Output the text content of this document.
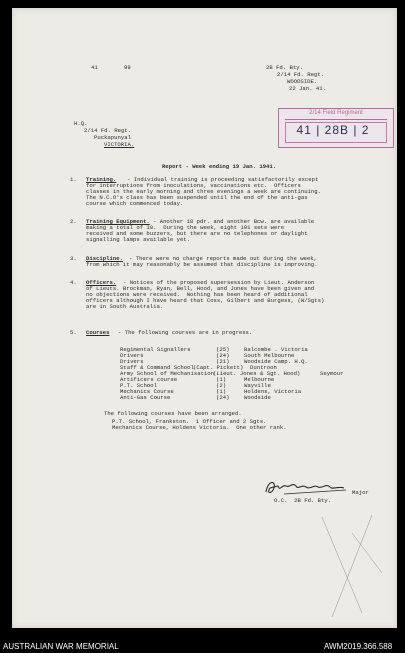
41	99	2B Fd. Bty.
2/14 Fd. Regt.
WOODSIDE.
22 Jan. 41.
2/14 Field Regiment
41 | 28B | 2
H.Q.
2/14 Fd. Regt.
Puckapunyal
VICTORIA.
Report - Week ending 19 Jan. 1941.
1. Training. - Individual training is proceeding satisfactorily except
for interruptions from inoculations, vaccinations etc.  Officers
classes in the early morning and three evenings a week are continuing.
The N.C.O's class has been suspended until the end of the anti-gas
course which commenced today.
2. Training Equipment. - Another 18 pdr. and another Bcw. are available
making a total of 10.  During the week, eight 101 sets were
received and some buzzers, but there are no telephones or daylight
signalling lamps available yet.
3. Discipline. - There were no charge reports made out during the week,
from which it may reasonably be assumed that discipline is improving.
4. Officers. - Notices of the proposed supersession by Lieut. Anderson
of Lieuts. Brockman, Ryan, Bell, Hood, and Jones have been given and
no objections were received.  Nothing has been heard of additional
officers although I have heard that Coss, Gilbert and Burgess, (W/Sgts)
are in South Australia.
5. Courses - The following courses are in progress.
Regimental Signallers	(25)	Balcombe . Victoria
Drivers	(24)	South Melbourne
Drivers	(21)	Woodside Camp. H.Q.
Staff & Command School (Capt. Pickett) Duntroon
Army School of Mechanisation (Lieut. Jones & Sgt. Hood)	Seymour
Artificers course	(1)	Melbourne
P.T. School	(2)	Wayville
Mechanics Course	(1)	Holdens, Victoria
Anti-Gas Course	(24)	Woodside
The following courses have been arranged.
P.T. School, Frankston.  1 Officer and 2 Sgts.
Mechanics Course, Holdens Victoria.  One other rank.
Major
O.C.  2B Fd. Bty.
AUSTRALIAN WAR MEMORIAL	AWM2019.366.588
